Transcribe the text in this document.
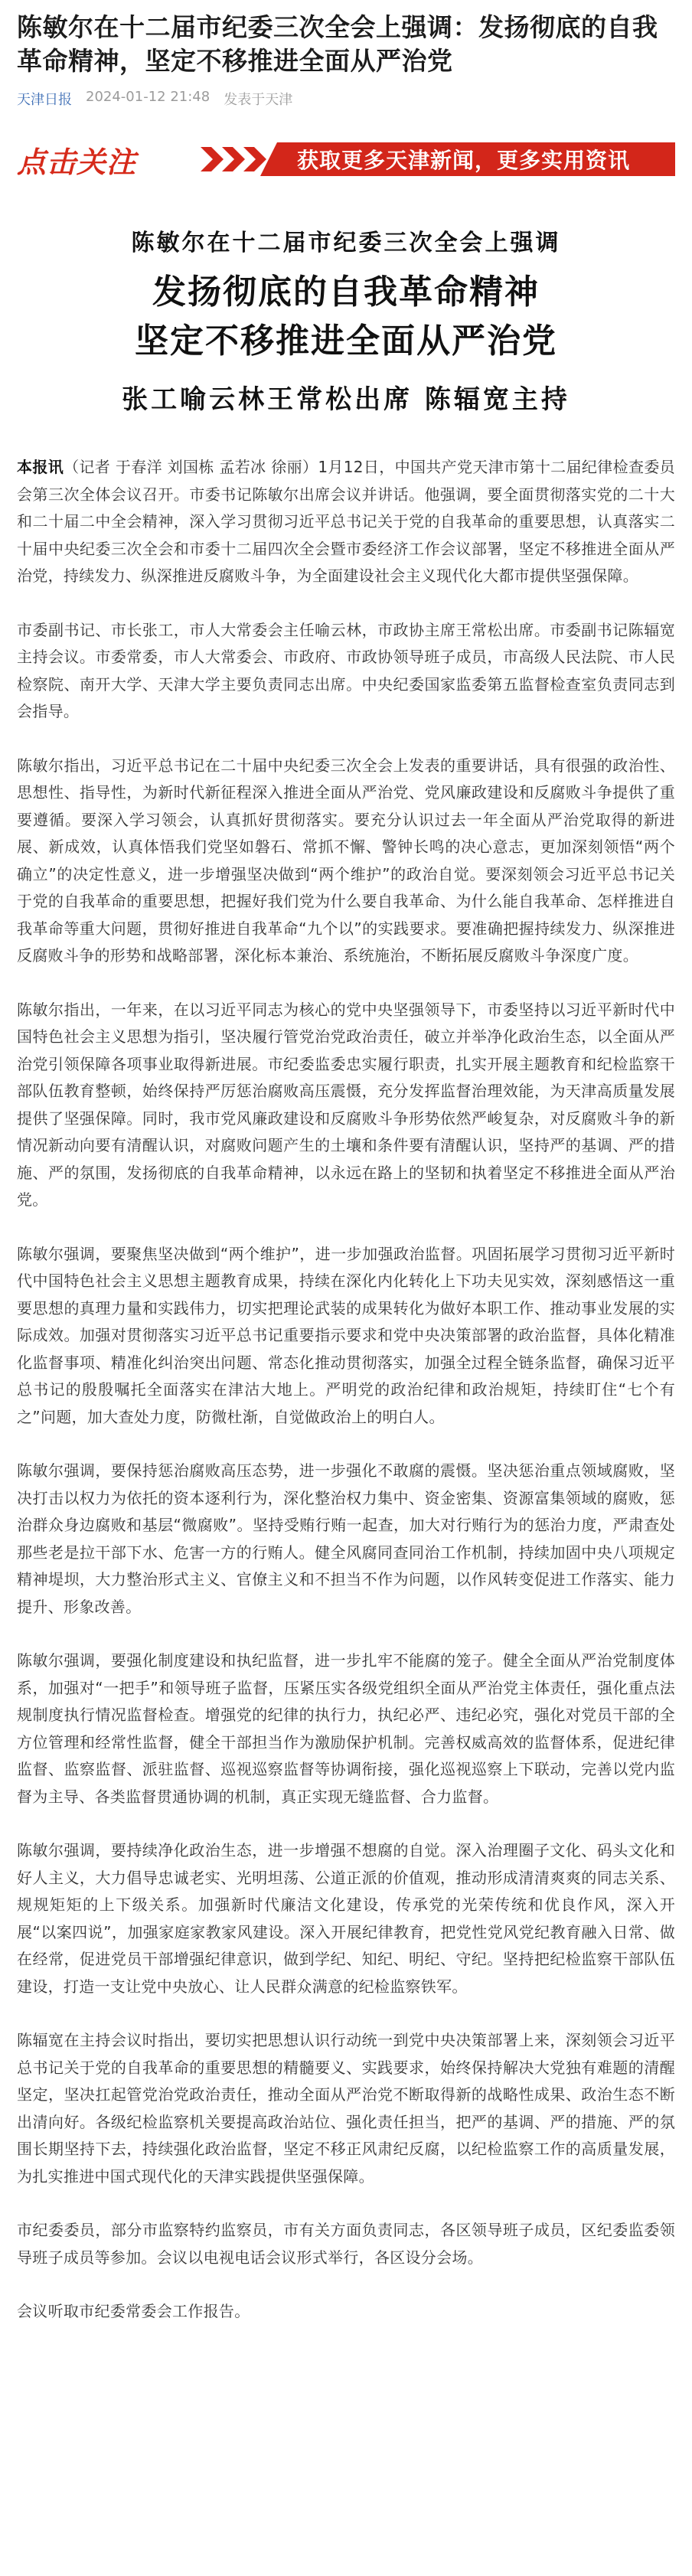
陈敏尔在十二届市纪委三次全会上强调：发扬彻底的自我革命精神，坚定不移推进全面从严治党
天津日报 2024-01-12 21:48 发表于天津
点击关注	获取更多天津新闻，更多实用资讯
陈敏尔在十二届市纪委三次全会上强调
发扬彻底的自我革命精神
坚定不移推进全面从严治党
张工喻云林王常松出席 陈辐宽主持

本报讯（记者 于春洋 刘国栋 孟若冰 徐丽）1月12日，中国共产党天津市第十二届纪律检查委员会第三次全体会议召开。市委书记陈敏尔出席会议并讲话。他强调，要全面贯彻落实党的二十大和二十届二中全会精神，深入学习贯彻习近平总书记关于党的自我革命的重要思想，认真落实二十届中央纪委三次全会和市委十二届四次全会暨市委经济工作会议部署，坚定不移推进全面从严治党，持续发力、纵深推进反腐败斗争，为全面建设社会主义现代化大都市提供坚强保障。

市委副书记、市长张工，市人大常委会主任喻云林，市政协主席王常松出席。市委副书记陈辐宽主持会议。市委常委，市人大常委会、市政府、市政协领导班子成员，市高级人民法院、市人民检察院、南开大学、天津大学主要负责同志出席。中央纪委国家监委第五监督检查室负责同志到会指导。

陈敏尔指出，习近平总书记在二十届中央纪委三次全会上发表的重要讲话，具有很强的政治性、思想性、指导性，为新时代新征程深入推进全面从严治党、党风廉政建设和反腐败斗争提供了重要遵循。要深入学习领会，认真抓好贯彻落实。要充分认识过去一年全面从严治党取得的新进展、新成效，认真体悟我们党坚如磐石、常抓不懈、警钟长鸣的决心意志，更加深刻领悟“两个确立”的决定性意义，进一步增强坚决做到“两个维护”的政治自觉。要深刻领会习近平总书记关于党的自我革命的重要思想，把握好我们党为什么要自我革命、为什么能自我革命、怎样推进自我革命等重大问题，贯彻好推进自我革命“九个以”的实践要求。要准确把握持续发力、纵深推进反腐败斗争的形势和战略部署，深化标本兼治、系统施治，不断拓展反腐败斗争深度广度。

陈敏尔指出，一年来，在以习近平同志为核心的党中央坚强领导下，市委坚持以习近平新时代中国特色社会主义思想为指引，坚决履行管党治党政治责任，破立并举净化政治生态，以全面从严治党引领保障各项事业取得新进展。市纪委监委忠实履行职责，扎实开展主题教育和纪检监察干部队伍教育整顿，始终保持严厉惩治腐败高压震慑，充分发挥监督治理效能，为天津高质量发展提供了坚强保障。同时，我市党风廉政建设和反腐败斗争形势依然严峻复杂，对反腐败斗争的新情况新动向要有清醒认识，对腐败问题产生的土壤和条件要有清醒认识，坚持严的基调、严的措施、严的氛围，发扬彻底的自我革命精神，以永远在路上的坚韧和执着坚定不移推进全面从严治党。

陈敏尔强调，要聚焦坚决做到“两个维护”，进一步加强政治监督。巩固拓展学习贯彻习近平新时代中国特色社会主义思想主题教育成果，持续在深化内化转化上下功夫见实效，深刻感悟这一重要思想的真理力量和实践伟力，切实把理论武装的成果转化为做好本职工作、推动事业发展的实际成效。加强对贯彻落实习近平总书记重要指示要求和党中央决策部署的政治监督，具体化精准化监督事项、精准化纠治突出问题、常态化推动贯彻落实，加强全过程全链条监督，确保习近平总书记的殷殷嘱托全面落实在津沽大地上。严明党的政治纪律和政治规矩，持续盯住“七个有之”问题，加大查处力度，防微杜渐，自觉做政治上的明白人。

陈敏尔强调，要保持惩治腐败高压态势，进一步强化不敢腐的震慑。坚决惩治重点领域腐败，坚决打击以权力为依托的资本逐利行为，深化整治权力集中、资金密集、资源富集领域的腐败，惩治群众身边腐败和基层“微腐败”。坚持受贿行贿一起查，加大对行贿行为的惩治力度，严肃查处那些老是拉干部下水、危害一方的行贿人。健全风腐同查同治工作机制，持续加固中央八项规定精神堤坝，大力整治形式主义、官僚主义和不担当不作为问题，以作风转变促进工作落实、能力提升、形象改善。

陈敏尔强调，要强化制度建设和执纪监督，进一步扎牢不能腐的笼子。健全全面从严治党制度体系，加强对“一把手”和领导班子监督，压紧压实各级党组织全面从严治党主体责任，强化重点法规制度执行情况监督检查。增强党的纪律的执行力，执纪必严、违纪必究，强化对党员干部的全方位管理和经常性监督，健全干部担当作为激励保护机制。完善权威高效的监督体系，促进纪律监督、监察监督、派驻监督、巡视巡察监督等协调衔接，强化巡视巡察上下联动，完善以党内监督为主导、各类监督贯通协调的机制，真正实现无缝监督、合力监督。

陈敏尔强调，要持续净化政治生态，进一步增强不想腐的自觉。深入治理圈子文化、码头文化和好人主义，大力倡导忠诚老实、光明坦荡、公道正派的价值观，推动形成清清爽爽的同志关系、规规矩矩的上下级关系。加强新时代廉洁文化建设，传承党的光荣传统和优良作风，深入开展“以案四说”，加强家庭家教家风建设。深入开展纪律教育，把党性党风党纪教育融入日常、做在经常，促进党员干部增强纪律意识，做到学纪、知纪、明纪、守纪。坚持把纪检监察干部队伍建设，打造一支让党中央放心、让人民群众满意的纪检监察铁军。

陈辐宽在主持会议时指出，要切实把思想认识行动统一到党中央决策部署上来，深刻领会习近平总书记关于党的自我革命的重要思想的精髓要义、实践要求，始终保持解决大党独有难题的清醒坚定，坚决扛起管党治党政治责任，推动全面从严治党不断取得新的战略性成果、政治生态不断出清向好。各级纪检监察机关要提高政治站位、强化责任担当，把严的基调、严的措施、严的氛围长期坚持下去，持续强化政治监督，坚定不移正风肃纪反腐，以纪检监察工作的高质量发展，为扎实推进中国式现代化的天津实践提供坚强保障。

市纪委委员，部分市监察特约监察员，市有关方面负责同志，各区领导班子成员，区纪委监委领导班子成员等参加。会议以电视电话会议形式举行，各区设分会场。

会议听取市纪委常委会工作报告。
